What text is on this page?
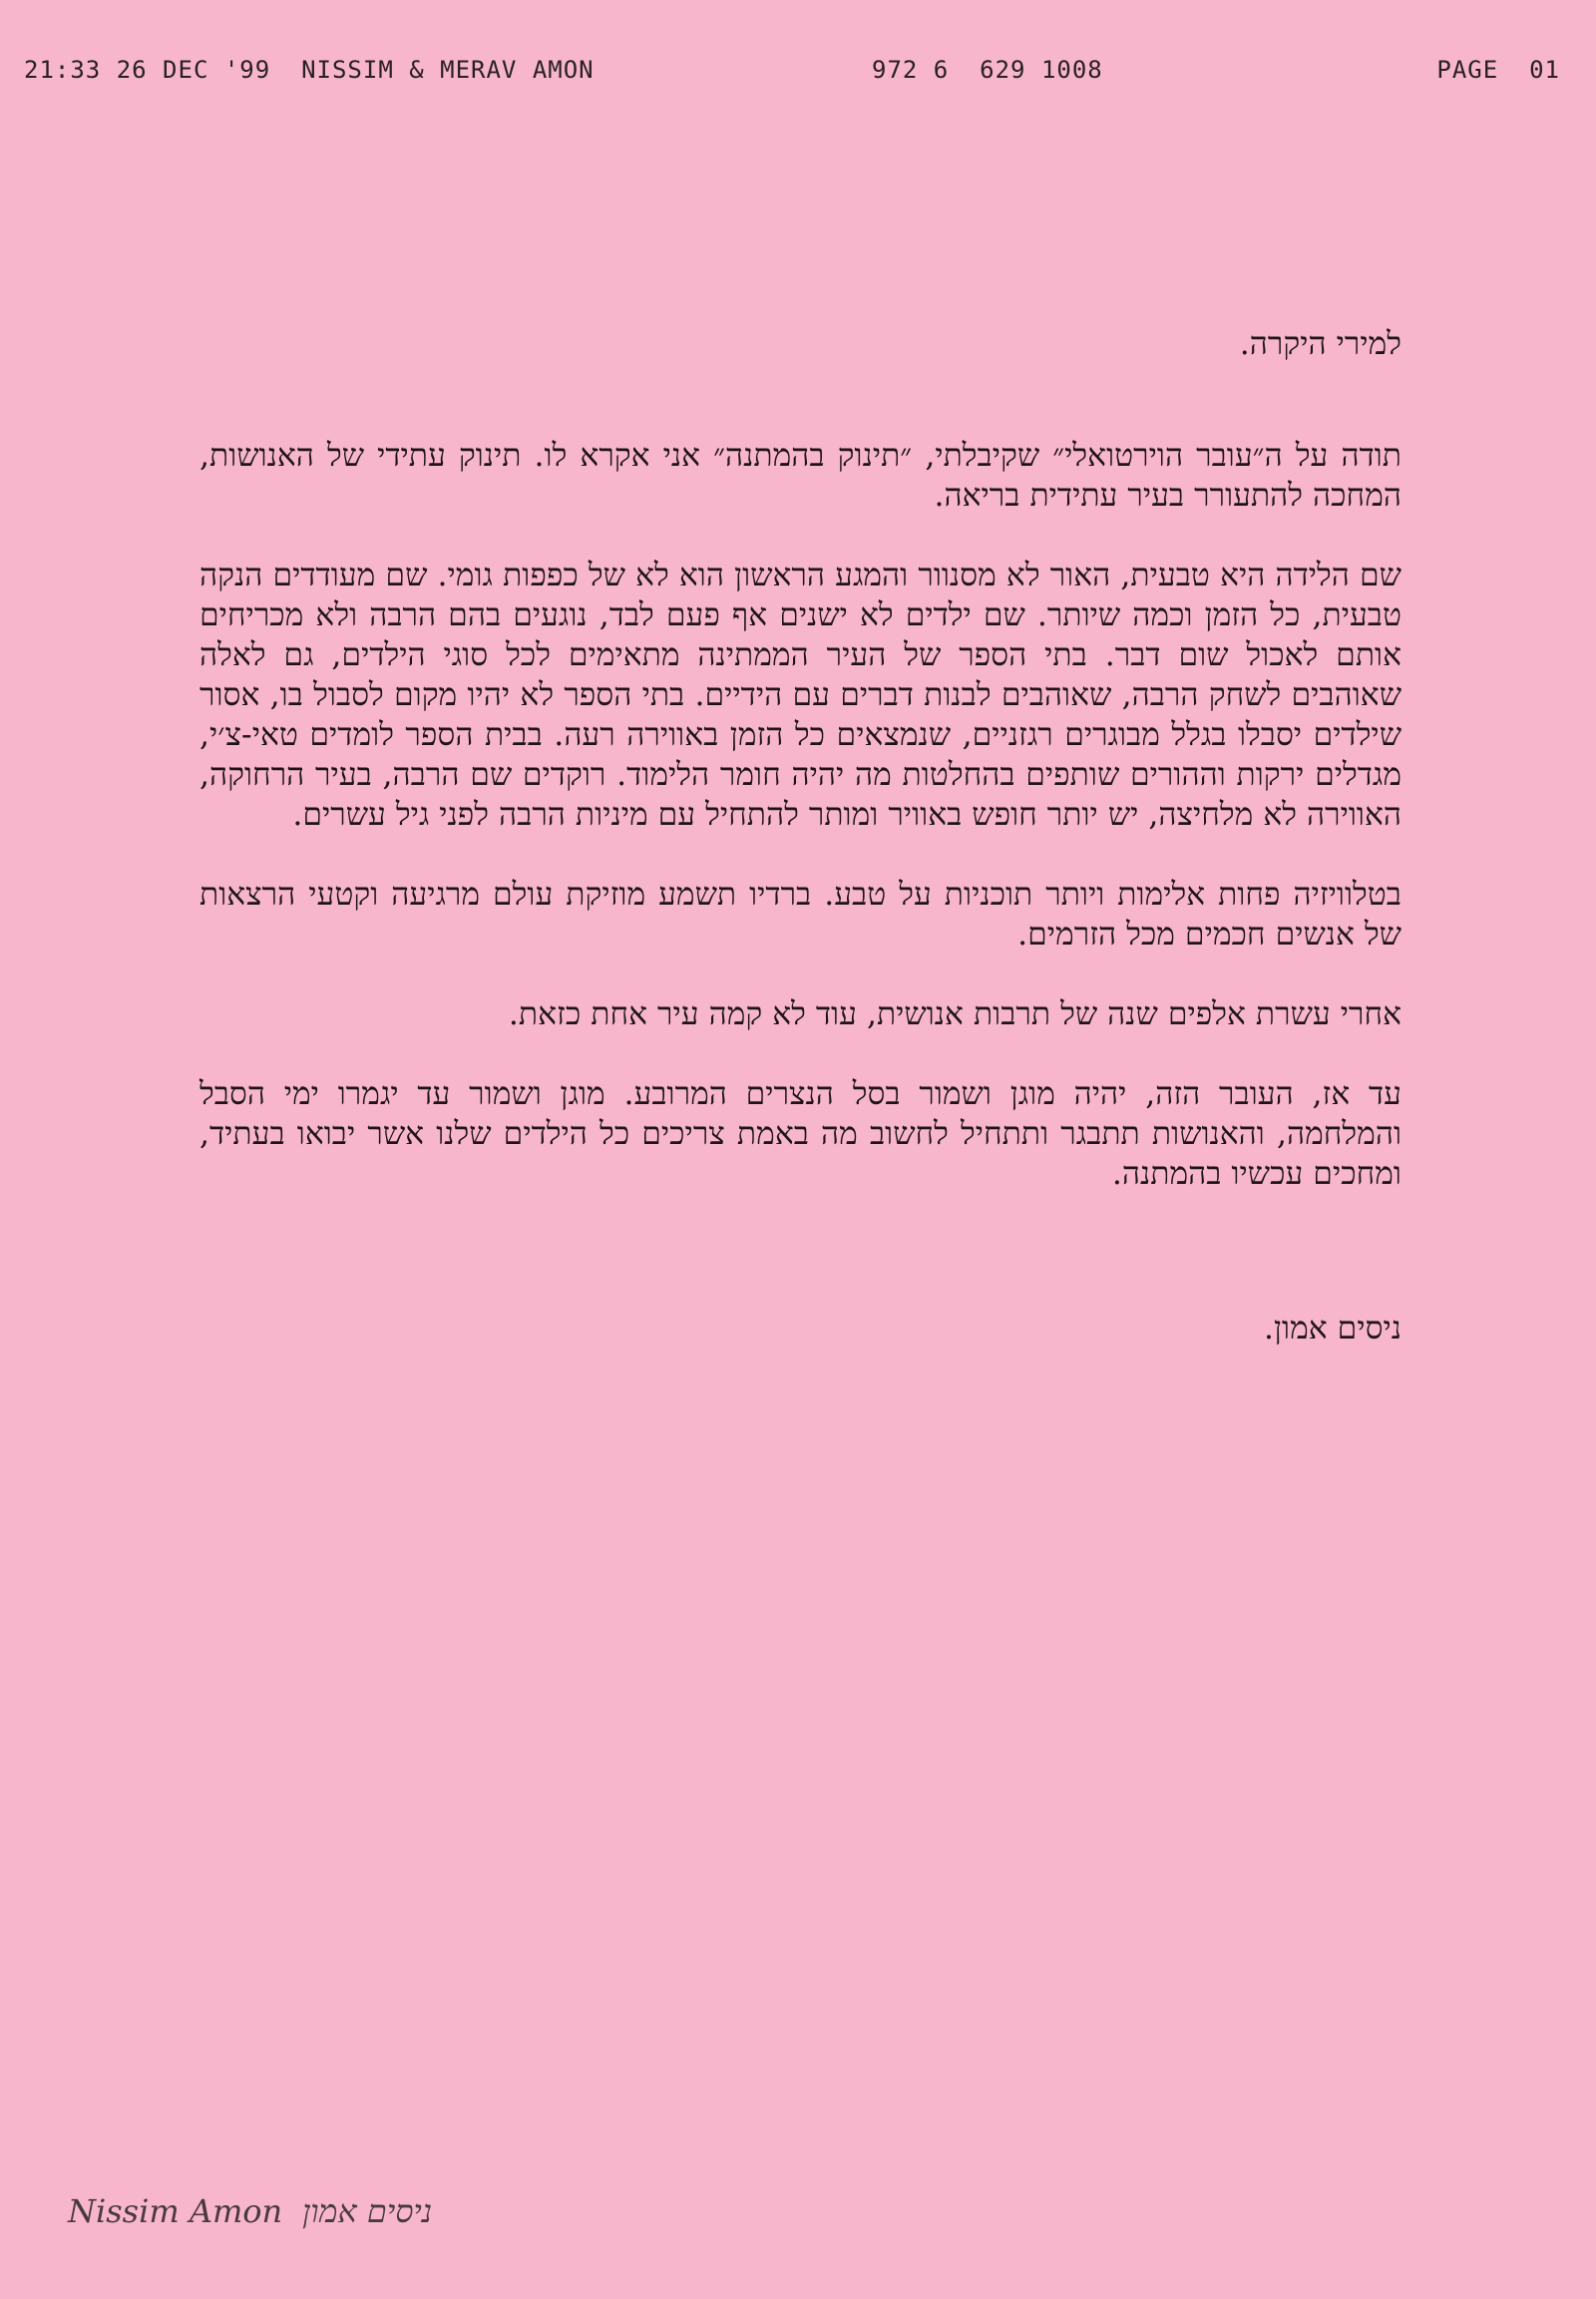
21:33 26 DEC '99  NISSIM & MERAV AMON

	972 6  629 1008

	PAGE  01

למירי היקרה.

תודה על ה״עובר הוירטואלי״ שקיבלתי, ״תינוק בהמתנה״ אני אקרא לו. תינוק עתידי של האנושות, המחכה להתעורר בעיר עתידית בריאה.

שם הלידה היא טבעית, האור לא מסנוור והמגע הראשון הוא לא של כפפות גומי. שם מעודדים הנקה טבעית, כל הזמן וכמה שיותר. שם ילדים לא ישנים אף פעם לבד, נוגעים בהם הרבה ולא מכריחים אותם לאכול שום דבר. בתי הספר של העיר הממתינה מתאימים לכל סוגי הילדים, גם לאלה שאוהבים לשחק הרבה, שאוהבים לבנות דברים עם הידיים. בתי הספר לא יהיו מקום לסבול בו, אסור שילדים יסבלו בגלל מבוגרים רגזניים, שנמצאים כל הזמן באווירה רעה. בבית הספר לומדים טאי-צ׳י, מגדלים ירקות וההורים שותפים בהחלטות מה יהיה חומר הלימוד. רוקדים שם הרבה, בעיר הרחוקה, האווירה לא מלחיצה, יש יותר חופש באוויר ומותר להתחיל עם מיניות הרבה לפני גיל עשרים.

בטלוויזיה פחות אלימות ויותר תוכניות על טבע. ברדיו תשמע מוזיקת עולם מרגיעה וקטעי הרצאות של אנשים חכמים מכל הזרמים.

אחרי עשרת אלפים שנה של תרבות אנושית, עוד לא קמה עיר אחת כזאת.

עד אז, העובר הזה, יהיה מוגן ושמור בסל הנצרים המרובע. מוגן ושמור עד יגמרו ימי הסבל והמלחמה, והאנושות תתבגר ותתחיל לחשוב מה באמת צריכים כל הילדים שלנו אשר יבואו בעתיד, ומחכים עכשיו בהמתנה.

ניסים אמון.

Nissim Amon ניסים אמון
